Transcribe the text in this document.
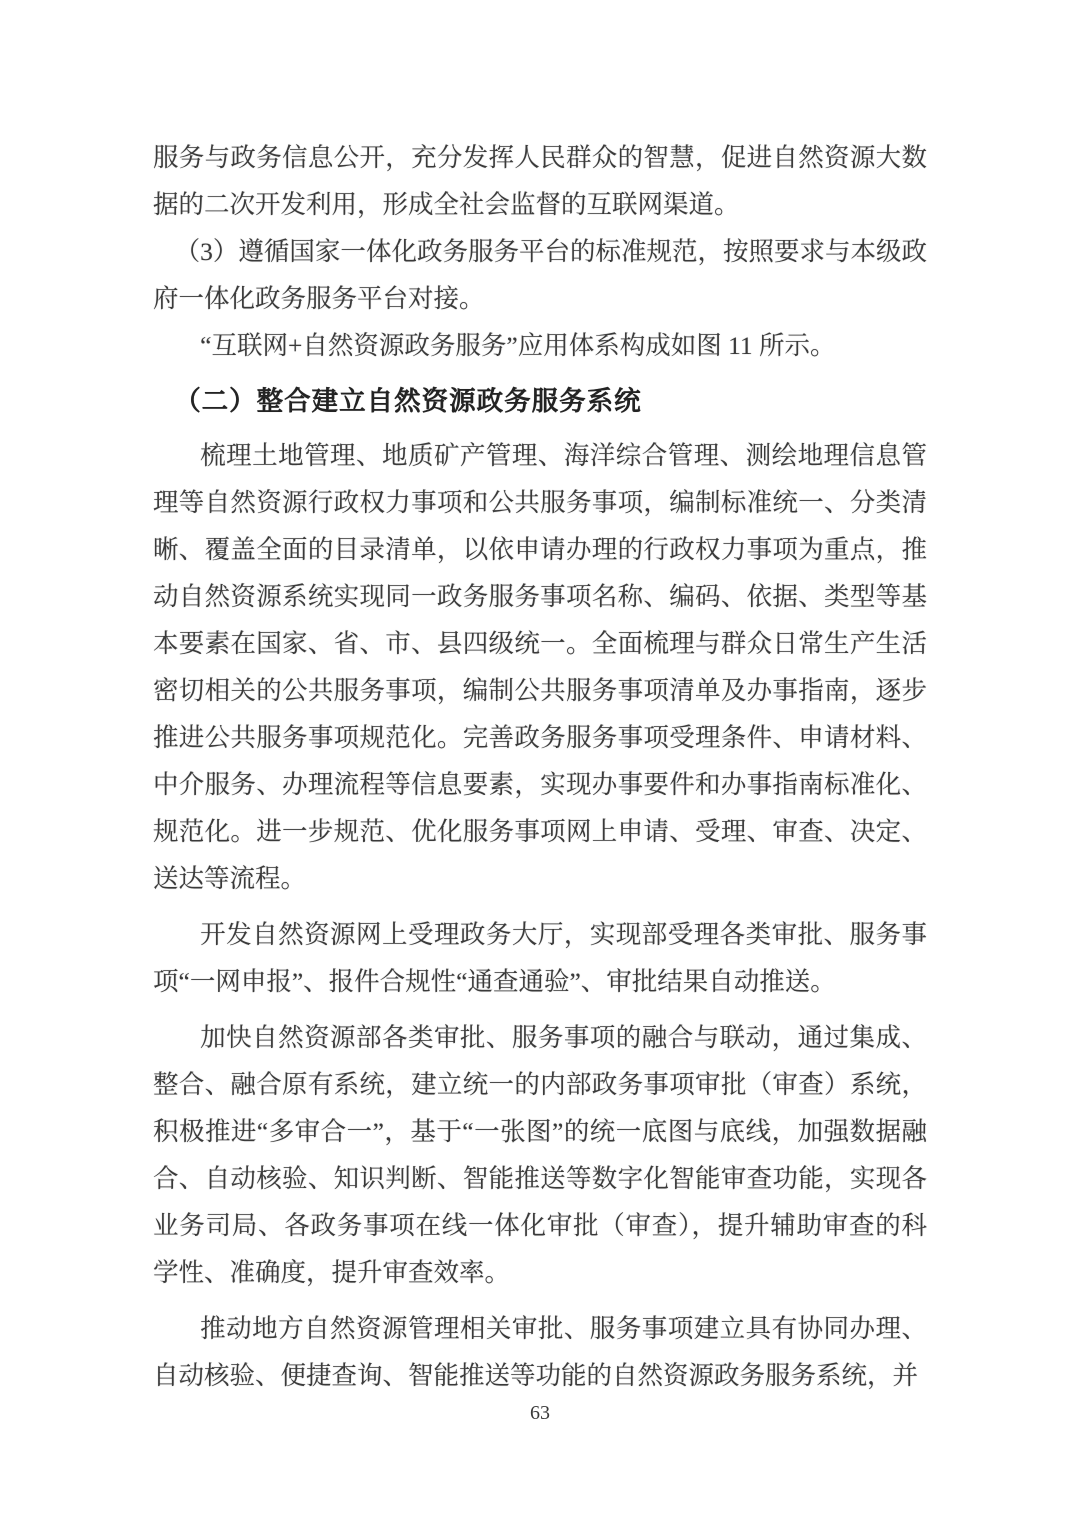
服务与政务信息公开，充分发挥人民群众的智慧，促进自然资源大数据的二次开发利用，形成全社会监督的互联网渠道。

（3）遵循国家一体化政务服务平台的标准规范，按照要求与本级政府一体化政务服务平台对接。

“互联网+自然资源政务服务”应用体系构成如图 11 所示。

（二）整合建立自然资源政务服务系统

梳理土地管理、地质矿产管理、海洋综合管理、测绘地理信息管理等自然资源行政权力事项和公共服务事项，编制标准统一、分类清晰、覆盖全面的目录清单，以依申请办理的行政权力事项为重点，推动自然资源系统实现同一政务服务事项名称、编码、依据、类型等基本要素在国家、省、市、县四级统一。全面梳理与群众日常生产生活密切相关的公共服务事项，编制公共服务事项清单及办事指南，逐步推进公共服务事项规范化。完善政务服务事项受理条件、申请材料、中介服务、办理流程等信息要素，实现办事要件和办事指南标准化、规范化。进一步规范、优化服务事项网上申请、受理、审查、决定、送达等流程。

开发自然资源网上受理政务大厅，实现部受理各类审批、服务事项“一网申报”、报件合规性“通查通验”、审批结果自动推送。

加快自然资源部各类审批、服务事项的融合与联动，通过集成、整合、融合原有系统，建立统一的内部政务事项审批（审查）系统，积极推进“多审合一”，基于“一张图”的统一底图与底线，加强数据融合、自动核验、知识判断、智能推送等数字化智能审查功能，实现各业务司局、各政务事项在线一体化审批（审查），提升辅助审查的科学性、准确度，提升审查效率。

推动地方自然资源管理相关审批、服务事项建立具有协同办理、自动核验、便捷查询、智能推送等功能的自然资源政务服务系统，并

63
